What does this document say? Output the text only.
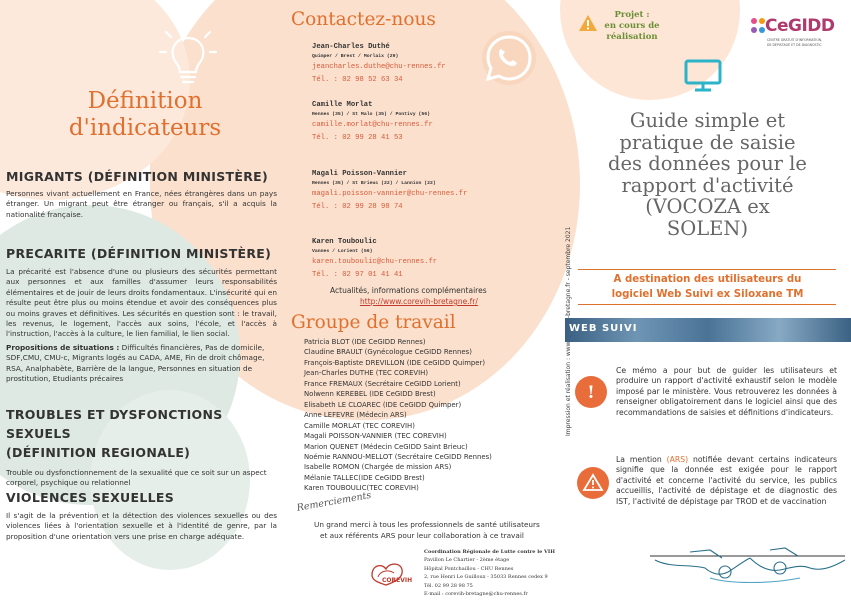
Définition
d'indicateurs
MIGRANTS (DÉFINITION MINISTÈRE)
Personnes vivant actuellement en France, nées étrangères dans un pays étranger. Un migrant peut être étranger ou français, s'il a acquis la nationalité française.
PRECARITE (DÉFINITION MINISTÈRE)
La précarité est l'absence d'une ou plusieurs des sécurités permettant aux personnes et aux familles d'assumer leurs responsabilités élémentaires et de jouir de leurs droits fondamentaux. L'insécurité qui en résulte peut être plus ou moins étendue et avoir des conséquences plus ou moins graves et définitives. Les sécurités en question sont : le travail, les revenus, le logement, l'accès aux soins, l'école, et l'accès à l'instruction, l'accès à la culture, le lien familial, le lien social.
Propositions de situations : Difficultés financières, Pas de domicile, SDF,CMU, CMU-c, Migrants logés au CADA, AME, Fin de droit chômage, RSA, Analphabète, Barrière de la langue, Personnes en situation de prostitution, Etudiants précaires
TROUBLES ET DYSFONCTIONS SEXUELS
(DÉFINITION REGIONALE)
Trouble ou dysfonctionnement de la sexualité que ce soit sur un aspect corporel, psychique ou relationnel
VIOLENCES SEXUELLES
Il s'agit de la prévention et la détection des violences sexuelles ou des violences liées à l'orientation sexuelle et à l'identité de genre, par la proposition d'une orientation vers une prise en charge adéquate.
Contactez-nous
Jean-Charles Duthé
Quimper / Brest / Morlaix (29)
jeancharles.duthe@chu-rennes.fr
Tél. : 02 98 52 63 34
Camille Morlat
Rennes (35) / St Malo (35) / Pontivy (56)
camille.morlat@chu-rennes.fr
Tél. : 02 99 28 41 53
Magali Poisson-Vannier
Rennes (35) / St Brieuc (22) / Lannion (22)
magali.poisson-vannier@chu-rennes.fr
Tél. : 02 99 28 98 74
Karen Touboulic
Vannes / Lorient (56)
karen.touboulic@chu-rennes.fr
Tél. : 02 97 01 41 41
Actualités, informations complémentaires
http://www.corevih-bretagne.fr/
Groupe de travail
Patricia BLOT (IDE CeGIDD Rennes)
Claudine BRAULT (Gynécologue CeGIDD Rennes)
François-Baptiste DREVILLON (IDE CeGIDD Quimper)
Jean-Charles DUTHE (TEC COREVIH)
France FREMAUX (Secrétaire CeGIDD Lorient)
Nolwenn KEREBEL (IDE CeGIDD Brest)
Elisabeth LE CLOAREC (IDE CeGIDD Quimper)
Anne LEFEVRE (Médecin ARS)
Camille MORLAT (TEC COREVIH)
Magali POISSON-VANNIER (TEC COREVIH)
Marion QUENET (Médecin CeGIDD Saint Brieuc)
Noémie RANNOU-MELLOT (Secrétaire CeGIDD Rennes)
Isabelle ROMON (Chargée de mission ARS)
Mélanie TALLEC(IDE CeGIDD Brest)
Karen TOUBOULIC(TEC COREVIH)
Remerciements
Un grand merci à tous les professionnels de santé utilisateurs
et aux référents ARS pour leur collaboration à ce travail
COREVIH
Coordination Régionale de Lutte contre le VIH
Pavillon Le Chartier - 2ème étage
Hôpital Pontchaillou - CHU Rennes
2, rue Henri Le Guilloux - 35033 Rennes cedex 9
Tél. 02 99 28 98 75
E-mail : corevih-bretagne@chu-rennes.fr
Projet :
en cours de
réalisation
CeGIDD
CENTRE GRATUIT D'INFORMATION,
DE DÉPISTAGE ET DE DIAGNOSTIC
Guide simple et
pratique de saisie
des données pour le
rapport d'activité
(VOCOZA ex
SOLEN)
A destination des utilisateurs du
logiciel Web Suivi ex Siloxane TM
WEB SUIVI
!
Ce mémo a pour but de guider les utilisateurs et produire un rapport d'activité exhaustif selon le modèle imposé par le ministère. Vous retrouverez les données à renseigner obligatoirement dans le logiciel ainsi que des recommandations de saisies et définitions d'indicateurs.
La mention (ARS) notifiée devant certains indicateurs signifie que la donnée est exigée pour le rapport d'activité et concerne l'activité du service, les publics accueillis, l'activité de dépistage et de diagnostic des IST, l'activité de dépistage par TROD et de vaccination
